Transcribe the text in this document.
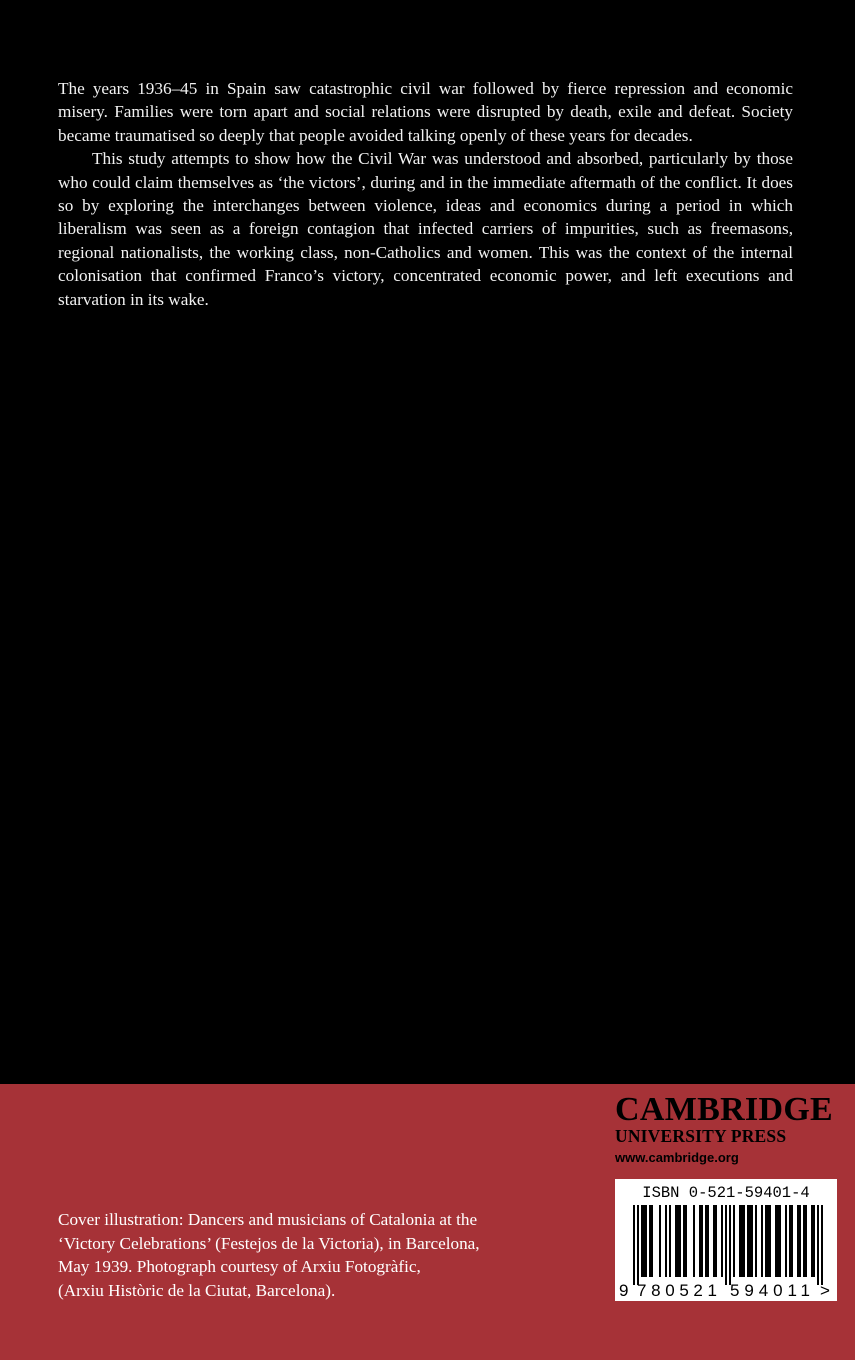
The years 1936–45 in Spain saw catastrophic civil war followed by fierce repression and economic misery. Families were torn apart and social relations were disrupted by death, exile and defeat. Society became traumatised so deeply that people avoided talking openly of these years for decades.

This study attempts to show how the Civil War was understood and absorbed, particularly by those who could claim themselves as ‘the victors’, during and in the immediate aftermath of the conflict. It does so by exploring the interchanges between violence, ideas and economics during a period in which liberalism was seen as a foreign contagion that infected carriers of impurities, such as freemasons, regional nationalists, the working class, non-Catholics and women. This was the context of the internal colonisation that confirmed Franco’s victory, concentrated economic power, and left executions and starvation in its wake.

Cover illustration: Dancers and musicians of Catalonia at the
‘Victory Celebrations’ (Festejos de la Victoria), in Barcelona,
May 1939. Photograph courtesy of Arxiu Fotogràfic,
(Arxiu Històric de la Ciutat, Barcelona).
CAMBRIDGE
UNIVERSITY PRESS
www.cambridge.org
ISBN 0-521-59401-4
9 780521 594011 >
